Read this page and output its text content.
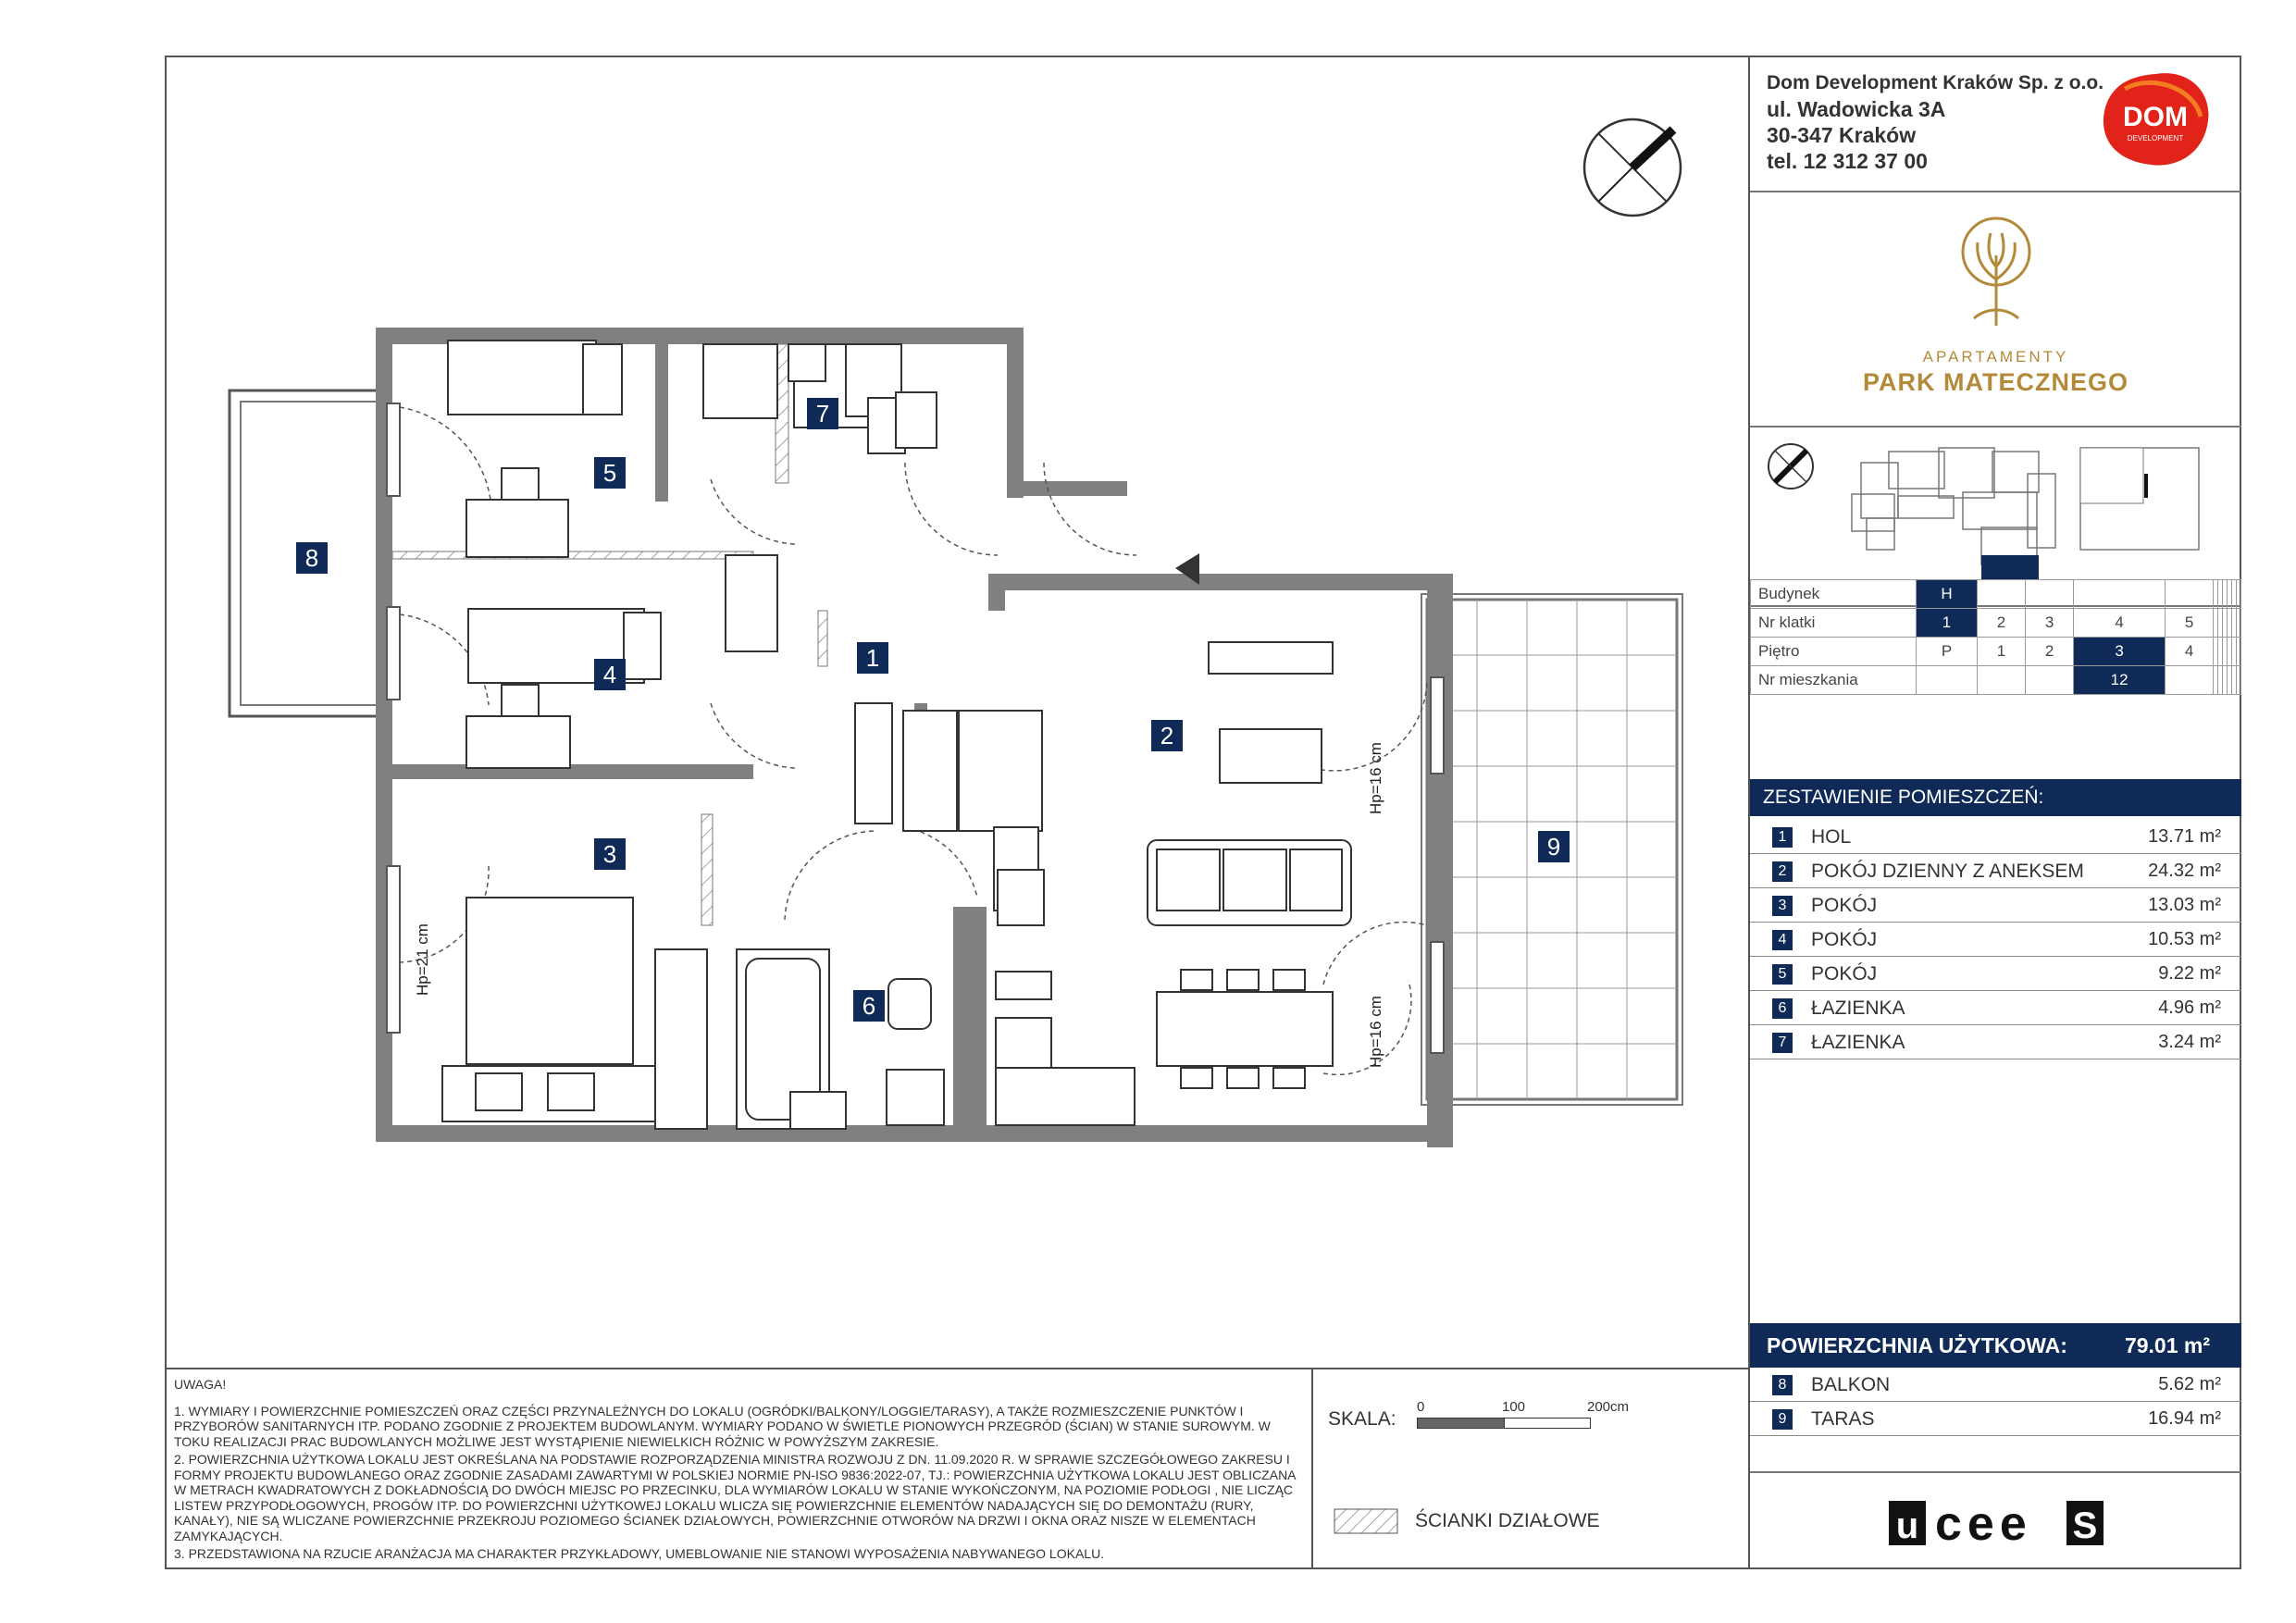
Hp=16 cm
Hp=16 cm
Hp=21 cm
1
2
3
4
5
6
7
8
9
Dom Development Kraków Sp. z o.o.
ul. Wadowicka 3A
30-347 Kraków
tel. 12 312 37 00
DOM
DEVELOPMENT
APARTAMENTY
PARK MATECZNEGO
Budynek	H										
Nr klatki	1	2	3	4	5						
Piętro	P	1	2	3	4						
Nr mieszkania				12							
ZESTAWIENIE POMIESZCZEŃ:
1	HOL	13.71 m²
2	POKÓJ DZIENNY Z ANEKSEM	24.32 m²
3	POKÓJ	13.03 m²
4	POKÓJ	10.53 m²
5	POKÓJ	9.22 m²
6	ŁAZIENKA	4.96 m²
7	ŁAZIENKA	3.24 m²
POWIERZCHNIA UŻYTKOWA:	79.01 m²
8	BALKON	5.62 m²
9	TARAS	16.94 m²
u cee S

UWAGA!

1. WYMIARY I POWIERZCHNIE POMIESZCZEŃ ORAZ CZĘŚCI PRZYNALEŻNYCH DO LOKALU (OGRÓDKI/BALKONY/LOGGIE/TARASY), A TAKŻE ROZMIESZCZENIE PUNKTÓW I PRZYBORÓW SANITARNYCH ITP. PODANO ZGODNIE Z PROJEKTEM BUDOWLANYM. WYMIARY PODANO W ŚWIETLE PIONOWYCH PRZEGRÓD (ŚCIAN) W STANIE SUROWYM. W TOKU REALIZACJI PRAC BUDOWLANYCH MOŻLIWE JEST WYSTĄPIENIE NIEWIELKICH RÓŻNIC W POWYŻSZYM ZAKRESIE.

2. POWIERZCHNIA UŻYTKOWA LOKALU JEST OKREŚLANA NA PODSTAWIE ROZPORZĄDZENIA MINISTRA ROZWOJU Z DN. 11.09.2020 R. W SPRAWIE SZCZEGÓŁOWEGO ZAKRESU I FORMY PROJEKTU BUDOWLANEGO ORAZ ZGODNIE ZASADAMI ZAWARTYMI W POLSKIEJ NORMIE PN-ISO 9836:2022-07, TJ.: POWIERZCHNIA UŻYTKOWA LOKALU JEST OBLICZANA W METRACH KWADRATOWYCH Z DOKŁADNOŚCIĄ DO DWÓCH MIEJSC PO PRZECINKU, DLA WYMIARÓW LOKALU W STANIE WYKOŃCZONYM, NA POZIOMIE PODŁOGI , NIE LICZĄC LISTEW PRZYPODŁOGOWYCH, PROGÓW ITP. DO POWIERZCHNI UŻYTKOWEJ LOKALU WLICZA SIĘ POWIERZCHNIE ELEMENTÓW NADAJĄCYCH SIĘ DO DEMONTAŻU (RURY, KANAŁY), NIE SĄ WLICZANE POWIERZCHNIE PRZEKROJU POZIOMEGO ŚCIANEK DZIAŁOWYCH, POWIERZCHNIE OTWORÓW NA DRZWI I OKNA ORAZ NISZE W ELEMENTACH ZAMYKAJĄCYCH.

3. PRZEDSTAWIONA NA RZUCIE ARANŻACJA MA CHARAKTER PRZYKŁADOWY, UMEBLOWANIE NIE STANOWI WYPOSAŻENIA NABYWANEGO LOKALU.

SKALA:
0	100	200cm
ŚCIANKI DZIAŁOWE
